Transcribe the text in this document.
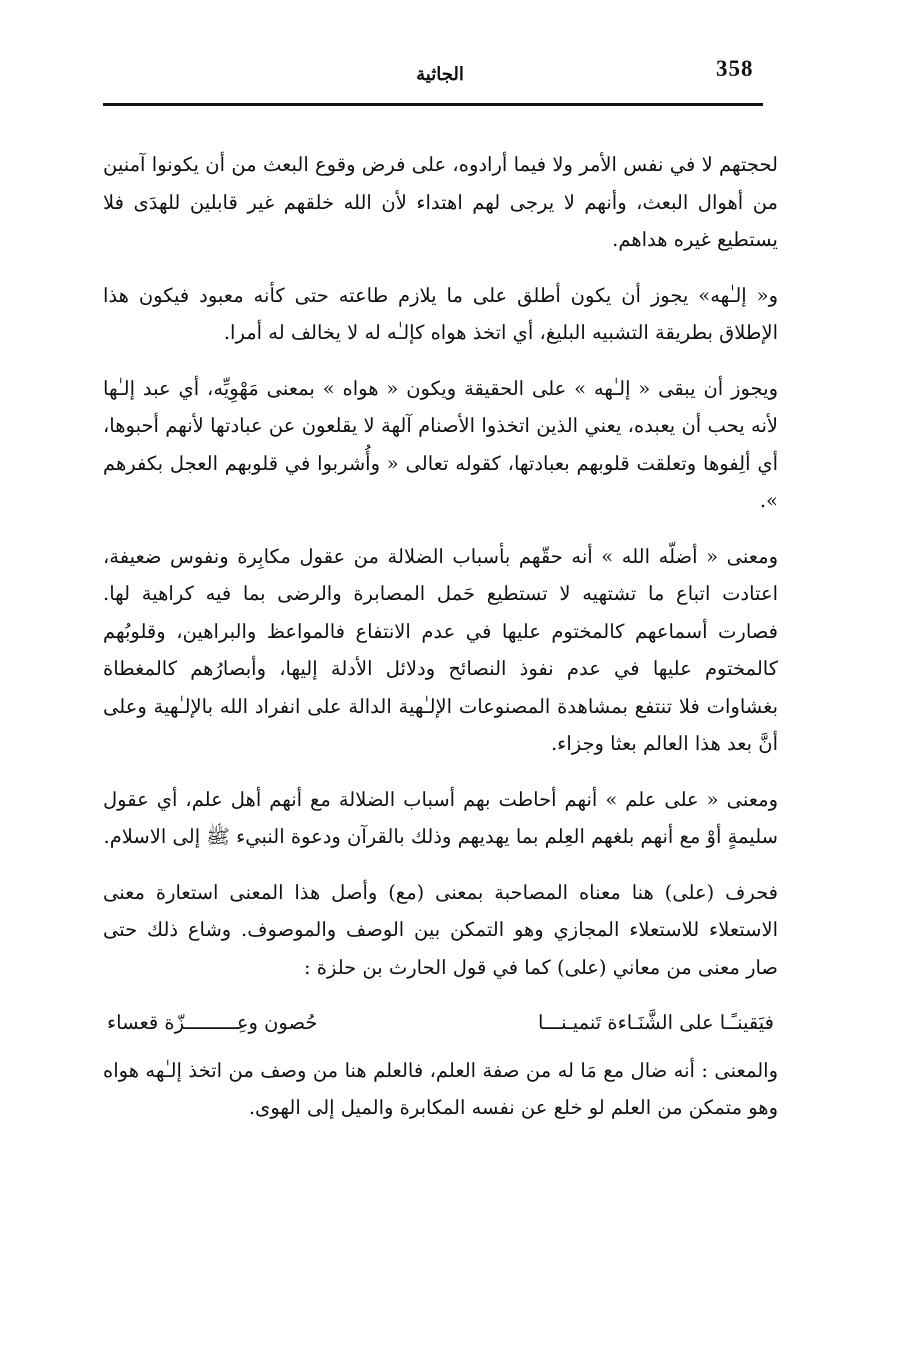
358
الجاثية

لحجتهم لا في نفس الأمر ولا فيما أرادوه، على فرض وقوع البعث من أن يكونوا آمنين من أهوال البعث، وأنهم لا يرجى لهم اهتداء لأن الله خلقهم غير قابلين للهدَى فلا يستطيع غيره هداهم.

و« إلـٰهه» يجوز أن يكون أطلق على ما يلازم طاعته حتى كأنه معبود فيكون هذا الإطلاق بطريقة التشبيه البليغ، أي اتخذ هواه كإلـٰه له لا يخالف له أمرا.

ويجوز أن يبقى « إلـٰهه » على الحقيقة ويكون « هواه » بمعنى مَهْوِيِّه، أي عبد إلـٰها لأنه يحب أن يعبده، يعني الذين اتخذوا الأصنام آلهة لا يقلعون عن عبادتها لأنهم أحبوها، أي ألِفوها وتعلقت قلوبهم بعبادتها، كقوله تعالى « وأُشربوا في قلوبهم العجل بكفرهم ».

ومعنى « أضلّه الله » أنه حقّهم بأسباب الضلالة من عقول مكابِرة ونفوس ضعيفة، اعتادت اتباع ما تشتهيه لا تستطيع حَمل المصابرة والرضى بما فيه كراهية لها. فصارت أسماعهم كالمختوم عليها في عدم الانتفاع فالمواعظ والبراهين، وقلوبُهم كالمختوم عليها في عدم نفوذ النصائح ودلائل الأدلة إليها، وأبصارُهم كالمغطاة بغشاوات فلا تنتفع بمشاهدة المصنوعات الإلـٰهية الدالة على انفراد الله بالإلـٰهية وعلى أنَّ بعد هذا العالم بعثا وجزاء.

ومعنى « على علم » أنهم أحاطت بهم أسباب الضلالة مع أنهم أهل علم، أي عقول سليمةٍ أوْ مع أنهم بلغهم العِلم بما يهديهم وذلك بالقرآن ودعوة النبيء ﷺ إلى الاسلام.

فحرف (على) هنا معناه المصاحبة بمعنى (مع) وأصل هذا المعنى استعارة معنى الاستعلاء للاستعلاء المجازي وهو التمكن بين الوصف والموصوف. وشاع ذلك حتى صار معنى من معاني (على) كما في قول الحارث بن حلزة :

فيَقينـًـا على الشَّنَـاءة تَنميـنـــا
حُصون وعِـــــــــزّة قعساء

والمعنى : أنه ضال مع مَا له من صفة العلم، فالعلم هنا من وصف من اتخذ إلـٰهه هواه وهو متمكن من العلم لو خلع عن نفسه المكابرة والميل إلى الهوى.
